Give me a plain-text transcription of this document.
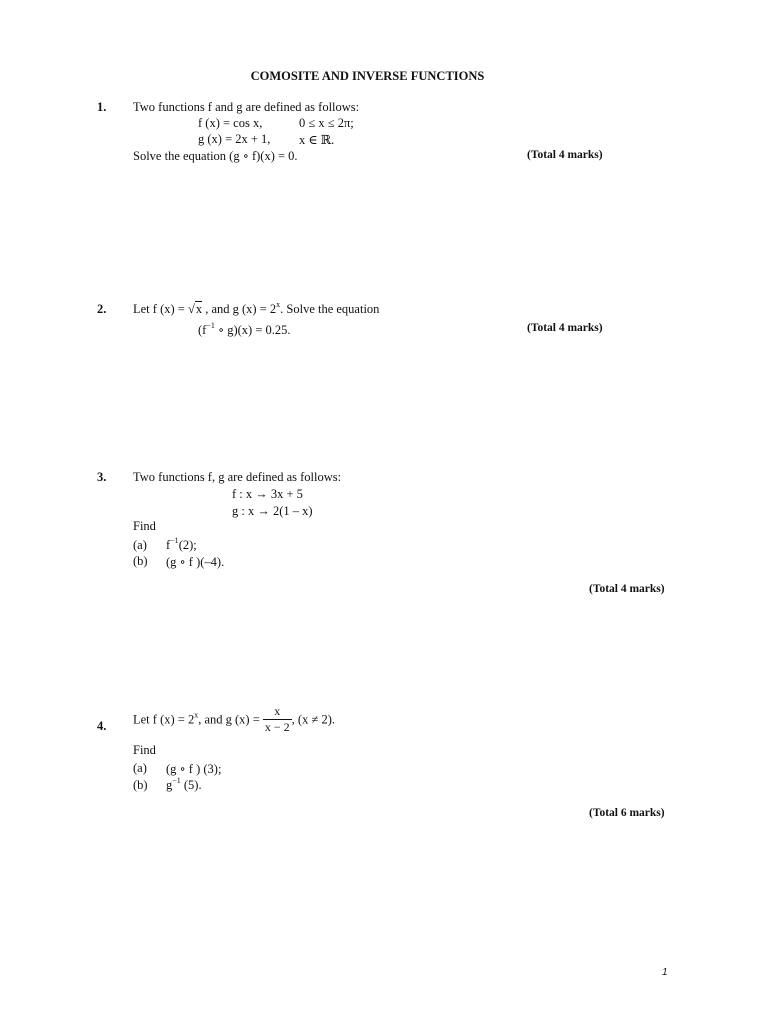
COMOSITE AND INVERSE FUNCTIONS
1. Two functions f and g are defined as follows:
f (x) = cos x,	0 ≤ x ≤ 2π;
g (x) = 2x + 1, x ∈ ℝ.
Solve the equation (g ∘ f)(x) = 0.	(Total 4 marks)
2. Let f (x) = √x , and g $(x) = 2^x$. Solve the equation
($f^{-1}$ ∘ g)(x) = 0.25.	(Total 4 marks)
3. Two functions f, g are defined as follows:
f : x → 3x + 5
g : x → 2(1 – x)
Find
(a) $f^{-1}(2)$;
(b) (g ∘ f )(–4).
(Total 4 marks)
4. Let f $(x) = 2^x$, and g $(x) = \frac{x}{x - 2}$ , (x ≠ 2).
Find
(a) (g ∘ f ) (3);
(b) $g^{-1}$ (5).
(Total 6 marks)
1
